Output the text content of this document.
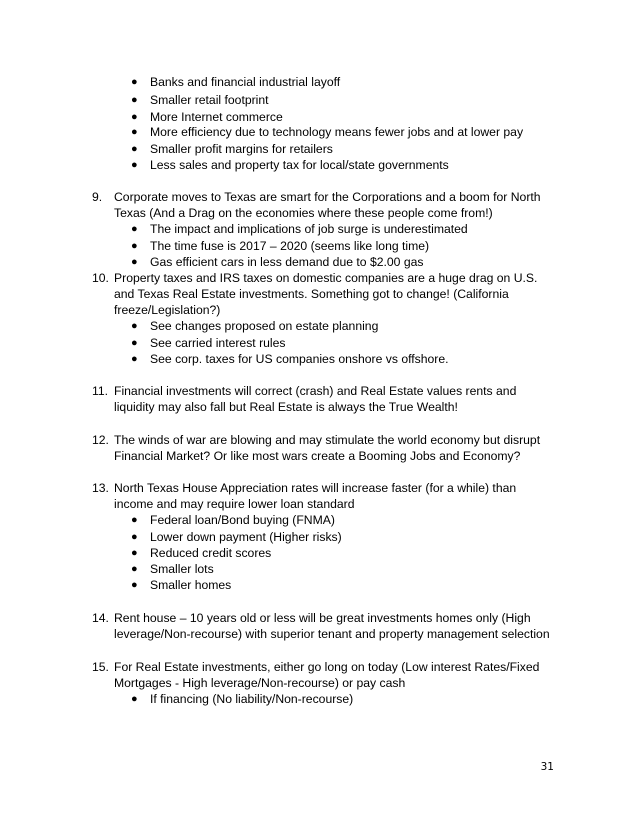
● Banks and financial industrial layoff
● Smaller retail footprint
● More Internet commerce
● More efficiency due to technology means fewer jobs and at lower pay
● Smaller profit margins for retailers
● Less sales and property tax for local/state governments
9. Corporate moves to Texas are smart for the Corporations and a boom for North
Texas (And a Drag on the economies where these people come from!)
● The impact and implications of job surge is underestimated
● The time fuse is 2017 – 2020 (seems like long time)
● Gas efficient cars in less demand due to $2.00 gas
10. Property taxes and IRS taxes on domestic companies are a huge drag on U.S.
and Texas Real Estate investments. Something got to change! (California
freeze/Legislation?)
● See changes proposed on estate planning
● See carried interest rules
● See corp. taxes for US companies onshore vs offshore.
11. Financial investments will correct (crash) and Real Estate values rents and
liquidity may also fall but Real Estate is always the True Wealth!
12. The winds of war are blowing and may stimulate the world economy but disrupt
Financial Market? Or like most wars create a Booming Jobs and Economy?
13. North Texas House Appreciation rates will increase faster (for a while) than
income and may require lower loan standard
● Federal loan/Bond buying (FNMA)
● Lower down payment (Higher risks)
● Reduced credit scores
● Smaller lots
● Smaller homes
14. Rent house – 10 years old or less will be great investments homes only (High
leverage/Non-recourse) with superior tenant and property management selection
15. For Real Estate investments, either go long on today (Low interest Rates/Fixed
Mortgages - High leverage/Non-recourse) or pay cash
● If financing (No liability/Non-recourse)
31
